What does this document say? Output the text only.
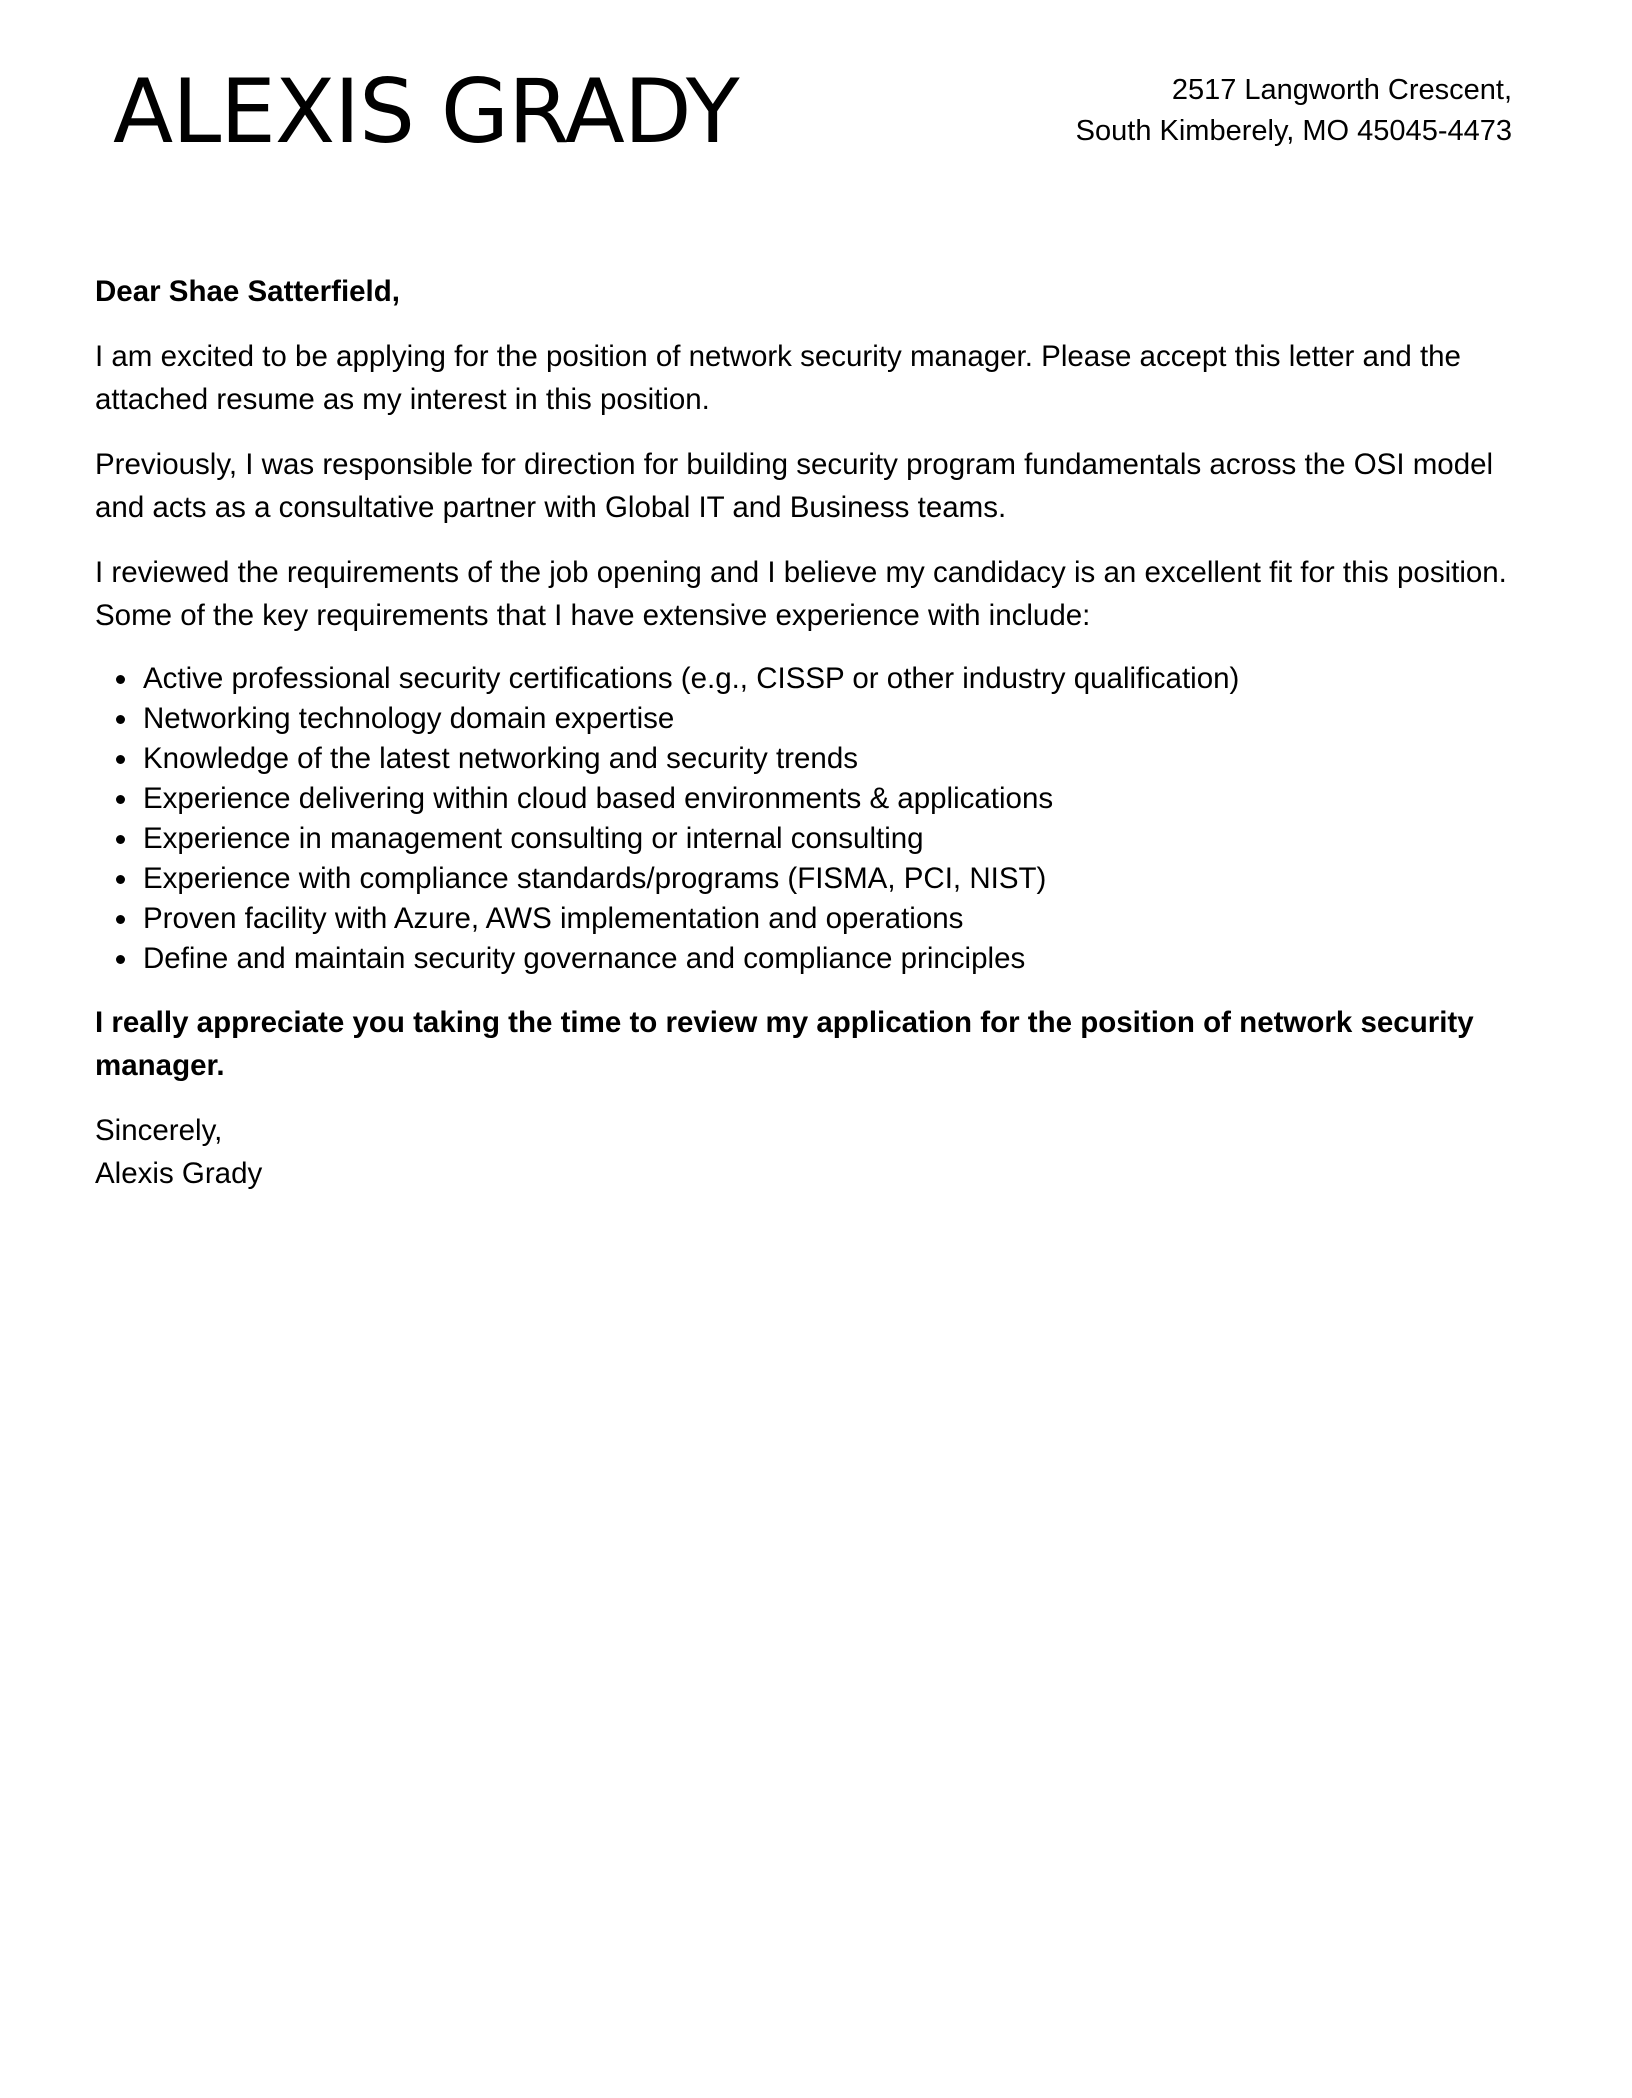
ALEXIS GRADY	2517 Langworth Crescent,
South Kimberely, MO 45045-4473

Dear Shae Satterfield,

I am excited to be applying for the position of network security manager. Please accept this letter and the attached resume as my interest in this position.

Previously, I was responsible for direction for building security program fundamentals across the OSI model and acts as a consultative partner with Global IT and Business teams.

I reviewed the requirements of the job opening and I believe my candidacy is an excellent fit for this position. Some of the key requirements that I have extensive experience with include:

Active professional security certifications (e.g., CISSP or other industry qualification)
Networking technology domain expertise
Knowledge of the latest networking and security trends
Experience delivering within cloud based environments & applications
Experience in management consulting or internal consulting
Experience with compliance standards/programs (FISMA, PCI, NIST)
Proven facility with Azure, AWS implementation and operations
Define and maintain security governance and compliance principles

I really appreciate you taking the time to review my application for the position of network security manager.

Sincerely,
Alexis Grady
